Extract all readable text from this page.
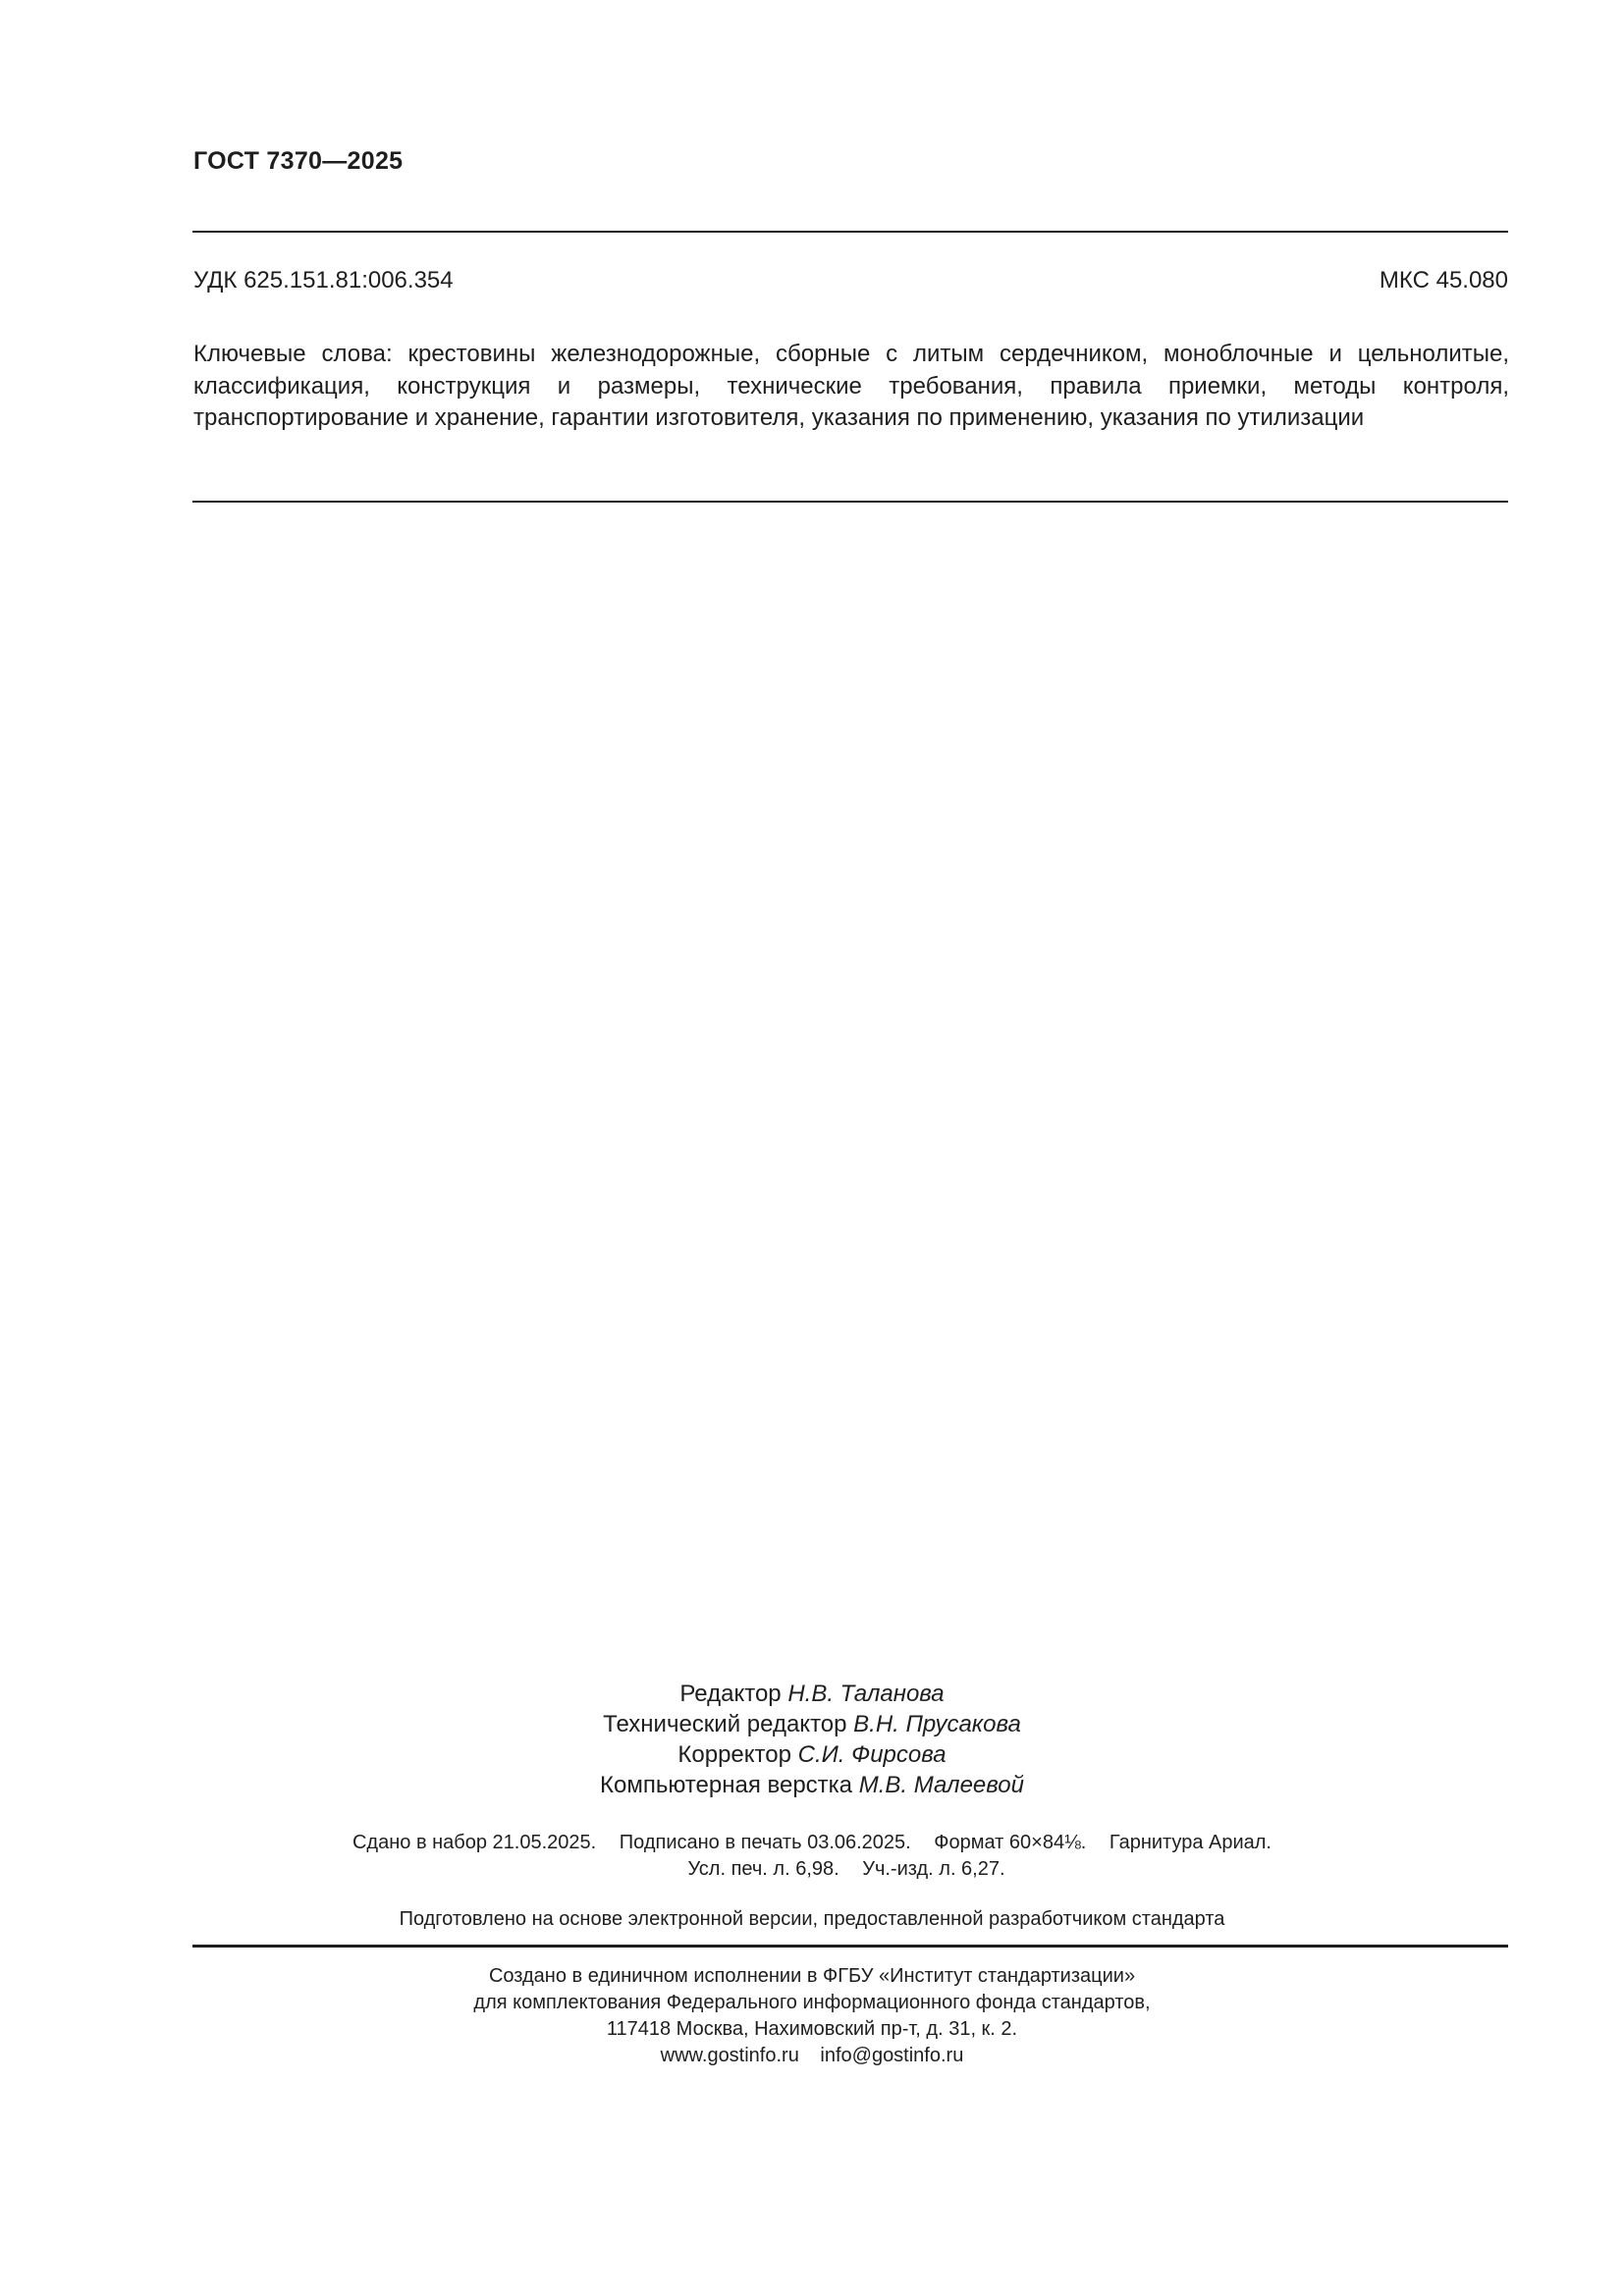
ГОСТ 7370—2025
УДК 625.151.81:006.354	МКС 45.080
Ключевые слова: крестовины железнодорожные, сборные с литым сердечником, моноблочные и цельнолитые, классификация, конструкция и размеры, технические требования, правила приемки, методы контроля, транспортирование и хранение, гарантии изготовителя, указания по применению, указания по утилизации
Редактор Н.В. Таланова
Технический редактор В.Н. Прусакова
Корректор С.И. Фирсова
Компьютерная верстка М.В. Малеевой
Сдано в набор 21.05.2025. Подписано в печать 03.06.2025. Формат 60×84⅛. Гарнитура Ариал.
Усл. печ. л. 6,98. Уч.-изд. л. 6,27.
Подготовлено на основе электронной версии, предоставленной разработчиком стандарта
Создано в единичном исполнении в ФГБУ «Институт стандартизации»
для комплектования Федерального информационного фонда стандартов,
117418 Москва, Нахимовский пр-т, д. 31, к. 2.
www.gostinfo.ru info@gostinfo.ru
